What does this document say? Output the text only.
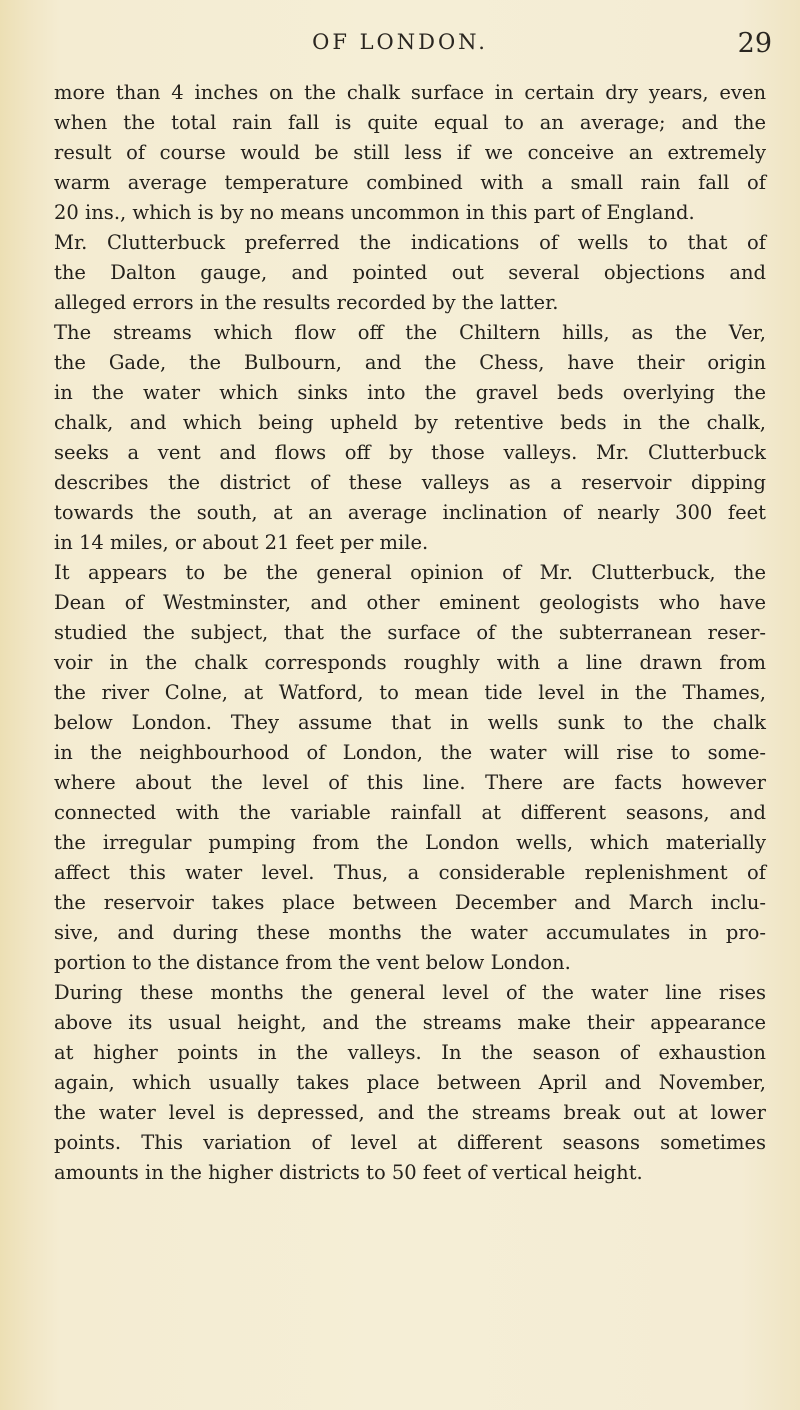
OF LONDON.	29

more than 4 inches on the chalk surface in certain dry years, even
when the total rain fall is quite equal to an average; and the
result of course would be still less if we conceive an extremely
warm average temperature combined with a small rain fall of
20 ins., which is by no means uncommon in this part of England.

Mr. Clutterbuck preferred the indications of wells to that of
the Dalton gauge, and pointed out several objections and
alleged errors in the results recorded by the latter.

The streams which flow off the Chiltern hills, as the Ver,
the Gade, the Bulbourn, and the Chess, have their origin
in the water which sinks into the gravel beds overlying the
chalk, and which being upheld by retentive beds in the chalk,
seeks a vent and flows off by those valleys. Mr. Clutterbuck
describes the district of these valleys as a reservoir dipping
towards the south, at an average inclination of nearly 300 feet
in 14 miles, or about 21 feet per mile.

It appears to be the general opinion of Mr. Clutterbuck, the
Dean of Westminster, and other eminent geologists who have
studied the subject, that the surface of the subterranean reser-
voir in the chalk corresponds roughly with a line drawn from
the river Colne, at Watford, to mean tide level in the Thames,
below London. They assume that in wells sunk to the chalk
in the neighbourhood of London, the water will rise to some-
where about the level of this line. There are facts however
connected with the variable rainfall at different seasons, and
the irregular pumping from the London wells, which materially
affect this water level. Thus, a considerable replenishment of
the reservoir takes place between December and March inclu-
sive, and during these months the water accumulates in pro-
portion to the distance from the vent below London.

During these months the general level of the water line rises
above its usual height, and the streams make their appearance
at higher points in the valleys. In the season of exhaustion
again, which usually takes place between April and November,
the water level is depressed, and the streams break out at lower
points. This variation of level at different seasons sometimes
amounts in the higher districts to 50 feet of vertical height.
